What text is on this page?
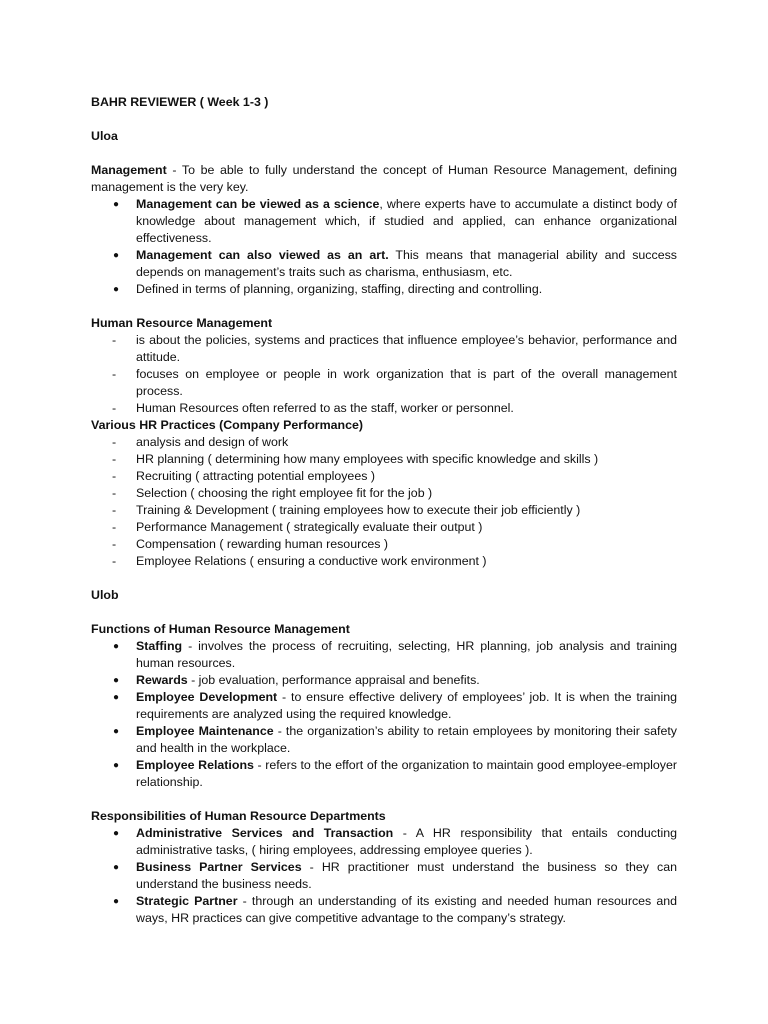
BAHR REVIEWER ( Week 1-3 )
Uloa

Management - To be able to fully understand the concept of Human Resource Management, defining management is the very key.

● Management can be viewed as a science, where experts have to accumulate a distinct body of knowledge about management which, if studied and applied, can enhance organizational effectiveness.
● Management can also viewed as an art. This means that managerial ability and success depends on management’s traits such as charisma, enthusiasm, etc.
● Defined in terms of planning, organizing, staffing, directing and controlling.
Human Resource Management
- is about the policies, systems and practices that influence employee’s behavior, performance and attitude.
- focuses on employee or people in work organization that is part of the overall management process.
- Human Resources often referred to as the staff, worker or personnel.
Various HR Practices (Company Performance)
- analysis and design of work
- HR planning ( determining how many employees with specific knowledge and skills )
- Recruiting ( attracting potential employees )
- Selection ( choosing the right employee fit for the job )
- Training & Development ( training employees how to execute their job efficiently )
- Performance Management ( strategically evaluate their output )
- Compensation ( rewarding human resources )
- Employee Relations ( ensuring a conductive work environment )
Ulob
Functions of Human Resource Management
● Staffing - involves the process of recruiting, selecting, HR planning, job analysis and training human resources.
● Rewards - job evaluation, performance appraisal and benefits.
● Employee Development - to ensure effective delivery of employees’ job. It is when the training requirements are analyzed using the required knowledge.
● Employee Maintenance - the organization’s ability to retain employees by monitoring their safety and health in the workplace.
● Employee Relations - refers to the effort of the organization to maintain good employee-employer relationship.
Responsibilities of Human Resource Departments
● Administrative Services and Transaction - A HR responsibility that entails conducting administrative tasks, ( hiring employees, addressing employee queries ).
● Business Partner Services - HR practitioner must understand the business so they can understand the business needs.
● Strategic Partner - through an understanding of its existing and needed human resources and ways, HR practices can give competitive advantage to the company’s strategy.
